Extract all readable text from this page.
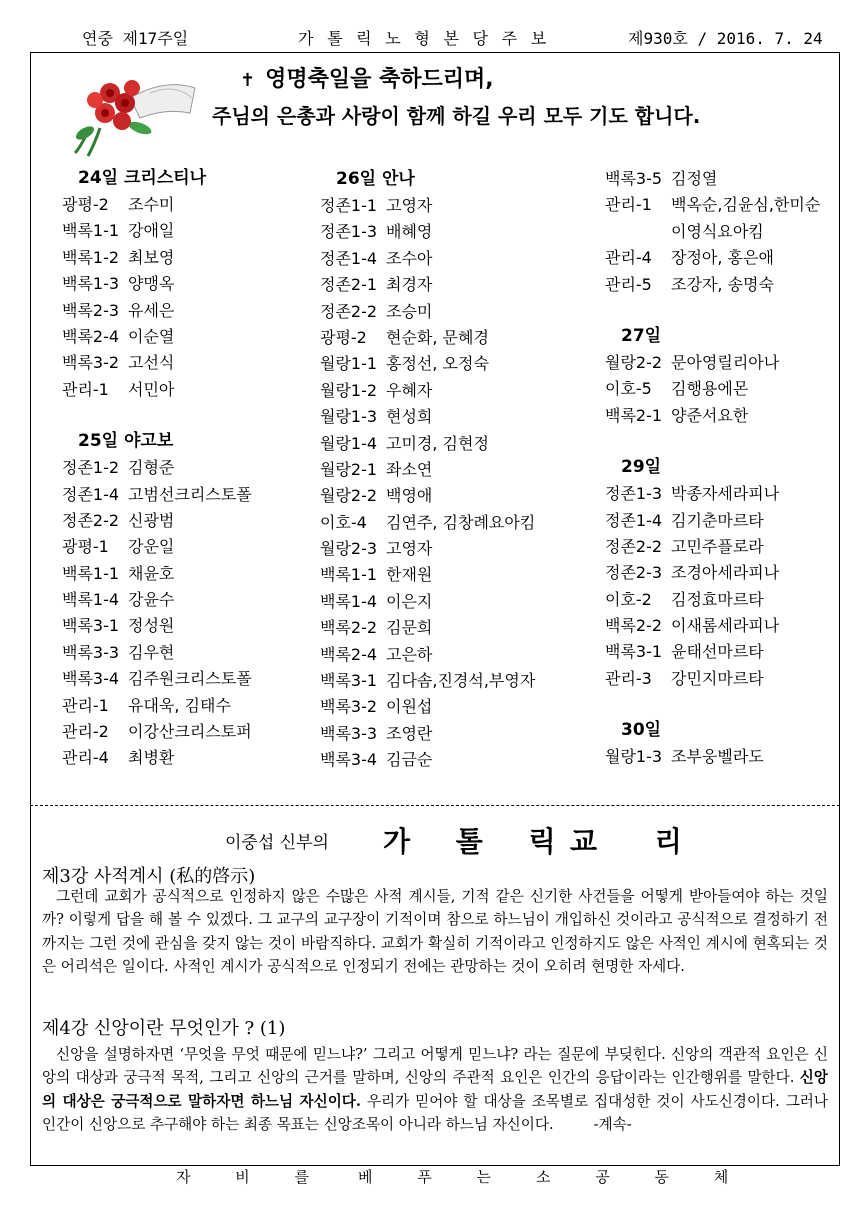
연중 제17주일	가 톨 릭 노 형 본 당 주 보	제930호 / 2016. 7. 24
✝ 영명축일을 축하드리며,
주님의 은총과 사랑이 함께 하길 우리 모두 기도 합니다.
24일 크리스티나
광평-2 조수미
백록1-1 강애일
백록1-2 최보영
백록1-3 양맹옥
백록2-3 유세은
백록2-4 이순열
백록3-2 고선식
관리-1 서민아
25일 야고보
정존1-2 김형준
정존1-4 고범선크리스토폴
정존2-2 신광범
광평-1 강운일
백록1-1 채윤호
백록1-4 강윤수
백록3-1 정성원
백록3-3 김우현
백록3-4 김주원크리스토폴
관리-1 유대욱, 김태수
관리-2 이강산크리스토퍼
관리-4 최병환
26일 안나
정존1-1 고영자
정존1-3 배혜영
정존1-4 조수아
정존2-1 최경자
정존2-2 조승미
광평-2 현순화, 문혜경
월랑1-1 홍정선, 오정숙
월랑1-2 우혜자
월랑1-3 현성희
월랑1-4 고미경, 김현정
월랑2-1 좌소연
월랑2-2 백영애
이호-4 김연주, 김창례요아킴
월랑2-3 고영자
백록1-1 한재원
백록1-4 이은지
백록2-2 김문희
백록2-4 고은하
백록3-1 김다솜,진경석,부영자
백록3-2 이원섭
백록3-3 조영란
백록3-4 김금순
백록3-5 김정열
관리-1 백옥순,김윤심,한미순
이영식요아킴
관리-4 장정아, 홍은애
관리-5 조강자, 송명숙
27일
월랑2-2 문아영릴리아나
이호-5 김행용에몬
백록2-1 양준서요한
29일
정존1-3 박종자세라피나
정존1-4 김기춘마르타
정존2-2 고민주플로라
정존2-3 조경아세라피나
이호-2 김정효마르타
백록2-2 이새롬세라피나
백록3-1 윤태선마르타
관리-3 강민지마르타
30일
월랑1-3 조부웅벨라도
이중섭 신부의 가 톨 릭
교 리
제3강 사적계시 (私的啓示)
그런데 교회가 공식적으로 인정하지 않은 수많은 사적 계시들, 기적 같은 신기한 사건들을 어떻게 받아들여야 하는 것일까? 이렇게 답을 해 볼 수 있겠다. 그 교구의 교구장이 기적이며 참으로 하느님이 개입하신 것이라고 공식적으로 결정하기 전까지는 그런 것에 관심을 갖지 않는 것이 바람직하다. 교회가 확실히 기적이라고 인정하지도 않은 사적인 계시에 현혹되는 것은 어리석은 일이다. 사적인 계시가 공식적으로 인정되기 전에는 관망하는 것이 오히려 현명한 자세다.
제4강 신앙이란 무엇인가 ? (1)
신앙을 설명하자면 ‘무엇을 무엇 때문에 믿느냐?’ 그리고 어떻게 믿느냐? 라는 질문에 부딪힌다. 신앙의 객관적 요인은 신앙의 대상과 궁극적 목적, 그리고 신앙의 근거를 말하며, 신앙의 주관적 요인은 인간의 응답이라는 인간행위를 말한다. 신앙의 대상은 궁극적으로 말하자면 하느님 자신이다. 우리가 믿어야 할 대상을 조목별로 집대성한 것이 사도신경이다. 그러나 인간이 신앙으로 추구해야 하는 최종 목표는 신앙조목이 아니라 하느님 자신이다.	-계속-
자 비 를 베 푸 는 소 공 동 체
